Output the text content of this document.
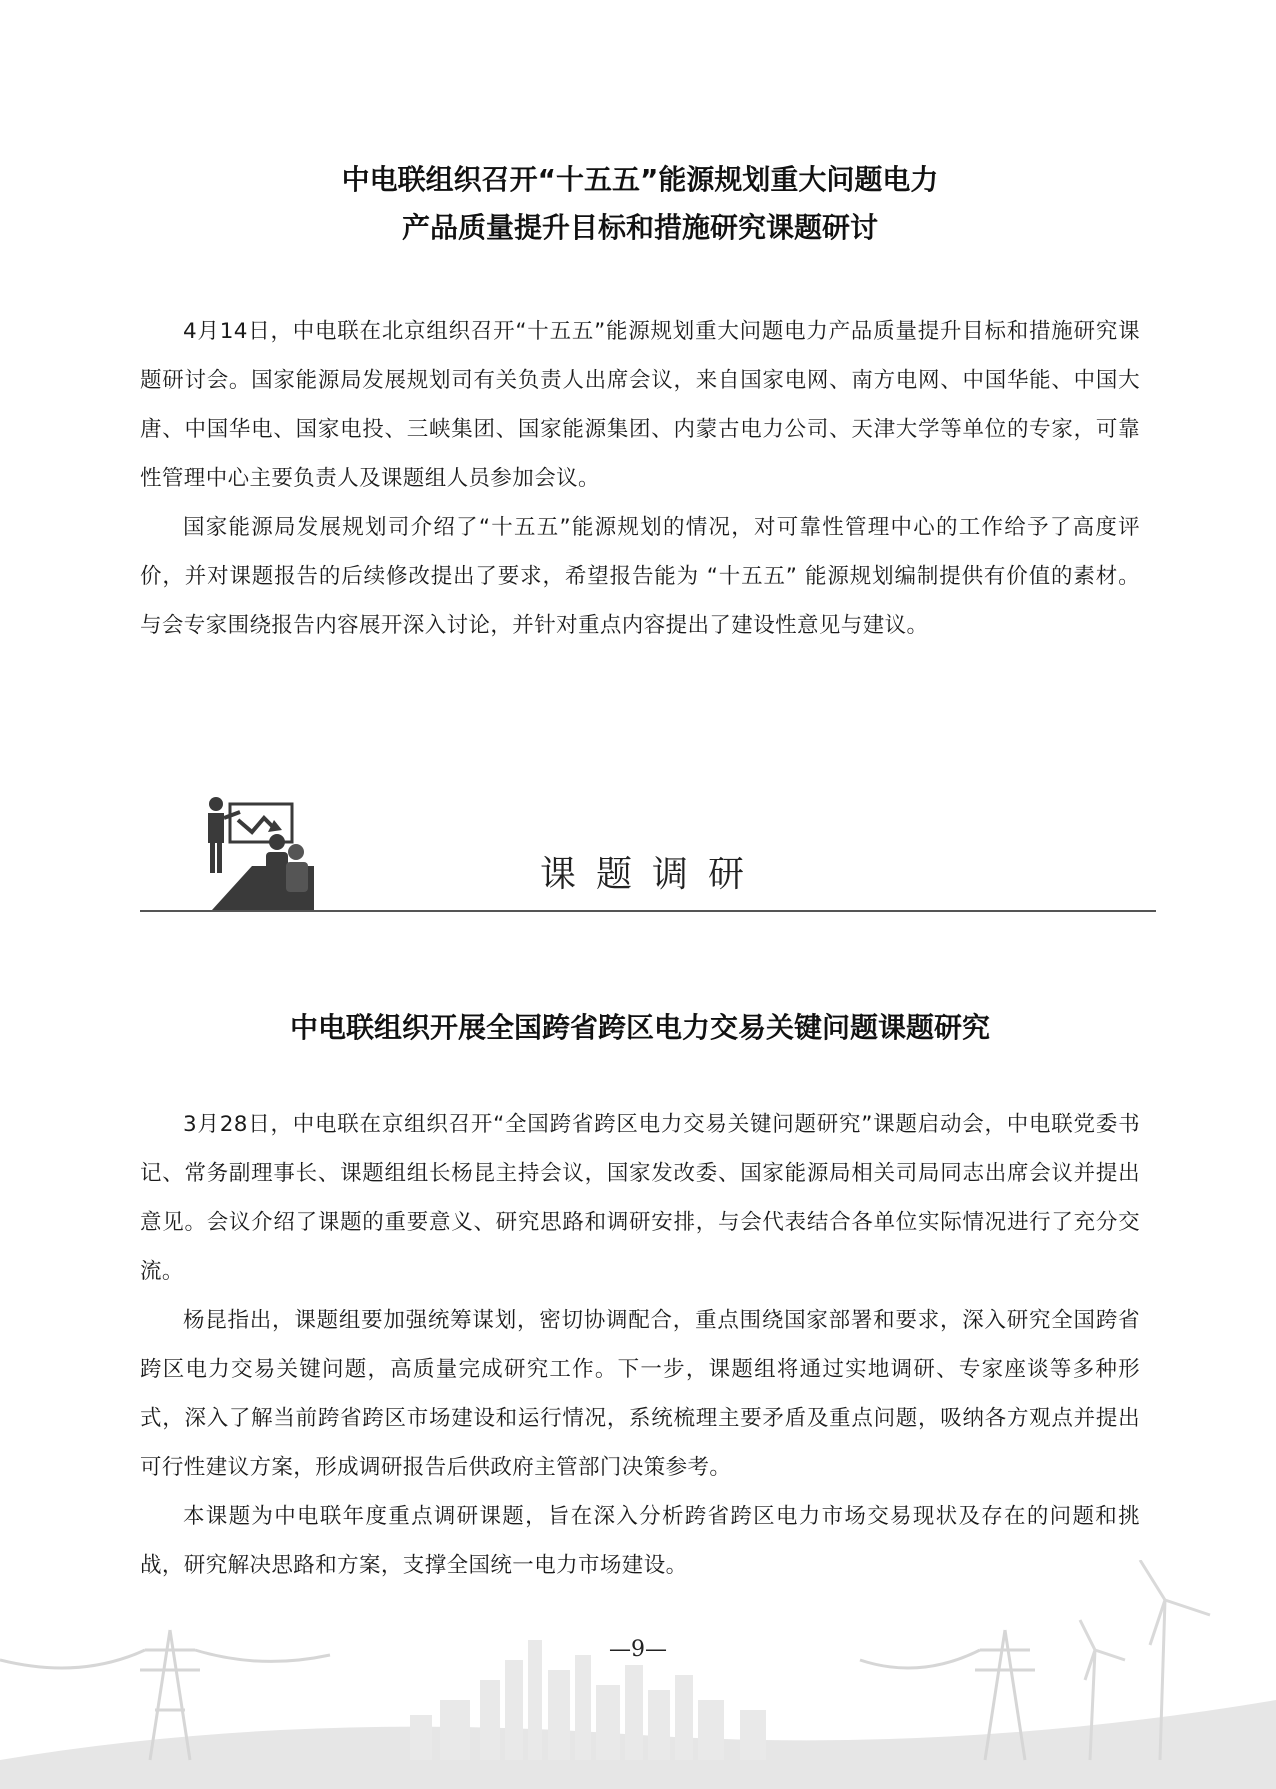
中电联组织召开“十五五”能源规划重大问题电力
产品质量提升目标和措施研究课题研讨

4月14日，中电联在北京组织召开“十五五”能源规划重大问题电力产品质量提升目标和措施研究课题研讨会。国家能源局发展规划司有关负责人出席会议，来自国家电网、南方电网、中国华能、中国大唐、中国华电、国家电投、三峡集团、国家能源集团、内蒙古电力公司、天津大学等单位的专家，可靠性管理中心主要负责人及课题组人员参加会议。

国家能源局发展规划司介绍了“十五五”能源规划的情况，对可靠性管理中心的工作给予了高度评价，并对课题报告的后续修改提出了要求，希望报告能为 “十五五” 能源规划编制提供有价值的素材。与会专家围绕报告内容展开深入讨论，并针对重点内容提出了建设性意见与建议。

课题调研
中电联组织开展全国跨省跨区电力交易关键问题课题研究

3月28日，中电联在京组织召开“全国跨省跨区电力交易关键问题研究”课题启动会，中电联党委书记、常务副理事长、课题组组长杨昆主持会议，国家发改委、国家能源局相关司局同志出席会议并提出意见。会议介绍了课题的重要意义、研究思路和调研安排，与会代表结合各单位实际情况进行了充分交流。

杨昆指出，课题组要加强统筹谋划，密切协调配合，重点围绕国家部署和要求，深入研究全国跨省跨区电力交易关键问题，高质量完成研究工作。下一步，课题组将通过实地调研、专家座谈等多种形式，深入了解当前跨省跨区市场建设和运行情况，系统梳理主要矛盾及重点问题，吸纳各方观点并提出可行性建议方案，形成调研报告后供政府主管部门决策参考。

本课题为中电联年度重点调研课题，旨在深入分析跨省跨区电力市场交易现状及存在的问题和挑战，研究解决思路和方案，支撑全国统一电力市场建设。

—9—
